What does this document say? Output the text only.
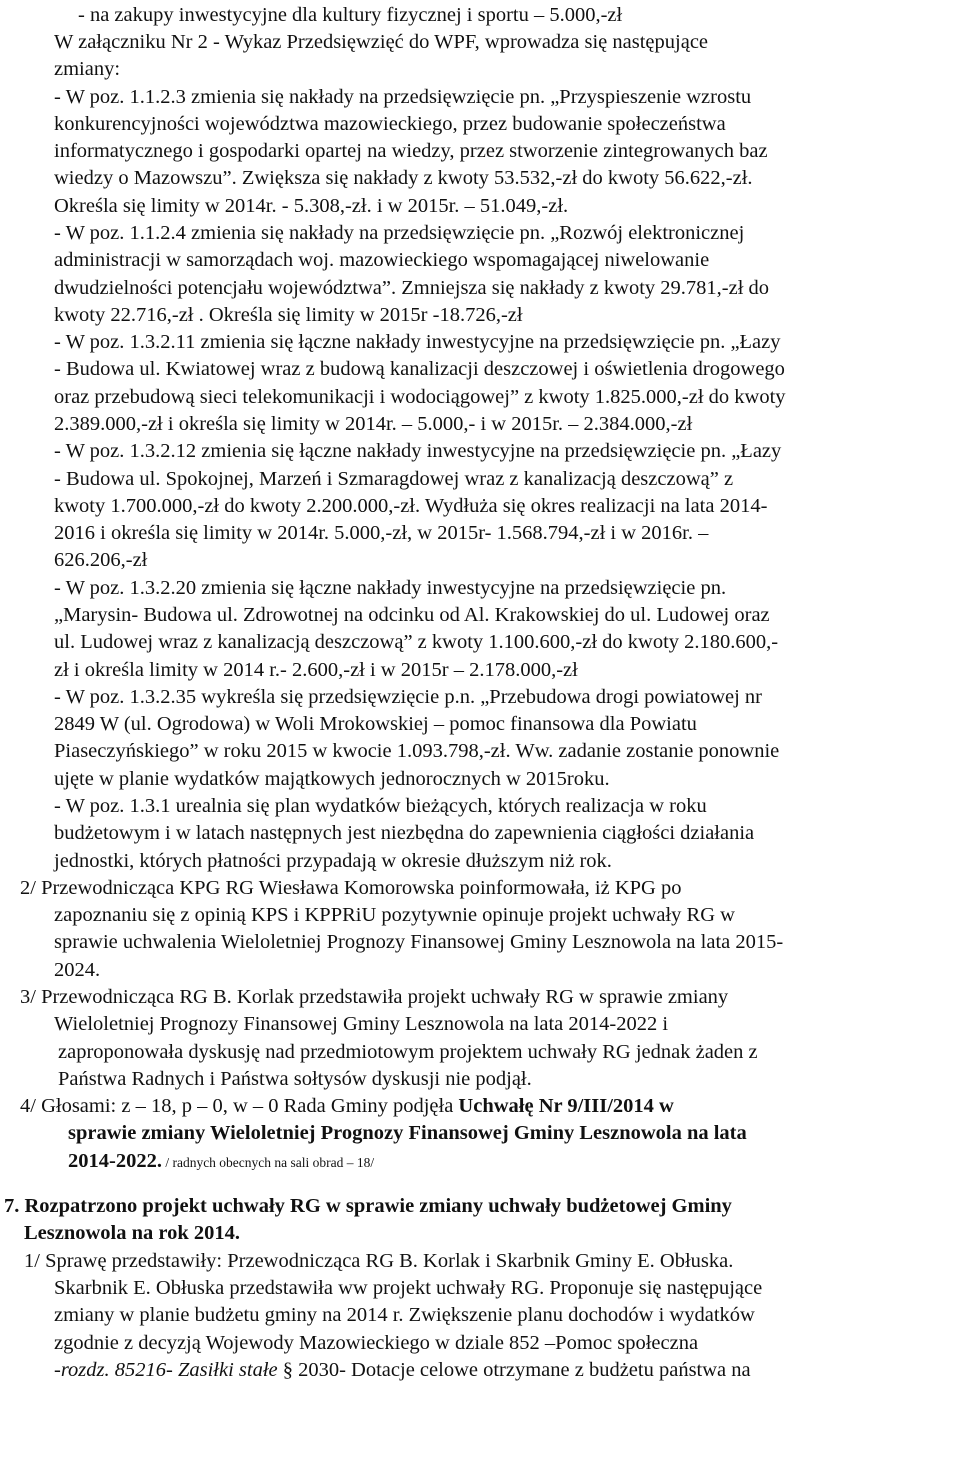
- na zakupy inwestycyjne dla kultury fizycznej i sportu – 5.000,-zł

W załączniku Nr 2 - Wykaz Przedsięwzięć do WPF, wprowadza się następujące

zmiany:

- W poz. 1.1.2.3 zmienia się nakłady na przedsięwzięcie pn. „Przyspieszenie wzrostu

konkurencyjności województwa mazowieckiego, przez budowanie społeczeństwa

informatycznego i gospodarki opartej na wiedzy, przez stworzenie zintegrowanych baz

wiedzy o Mazowszu”. Zwiększa się nakłady z kwoty 53.532,-zł do kwoty 56.622,-zł.

Określa się limity w 2014r. - 5.308,-zł. i w 2015r. – 51.049,-zł.

- W poz. 1.1.2.4 zmienia się nakłady na przedsięwzięcie pn. „Rozwój elektronicznej

administracji w samorządach woj. mazowieckiego wspomagającej niwelowanie

dwudzielności potencjału województwa”. Zmniejsza się nakłady z kwoty 29.781,-zł do

kwoty 22.716,-zł . Określa się limity w 2015r -18.726,-zł

- W poz. 1.3.2.11 zmienia się łączne nakłady inwestycyjne na przedsięwzięcie pn. „Łazy

- Budowa ul. Kwiatowej wraz z budową kanalizacji deszczowej i oświetlenia drogowego

oraz przebudową sieci telekomunikacji i wodociągowej” z kwoty 1.825.000,-zł do kwoty

2.389.000,-zł i określa się limity w 2014r. – 5.000,- i w 2015r. – 2.384.000,-zł

- W poz. 1.3.2.12 zmienia się łączne nakłady inwestycyjne na przedsięwzięcie pn. „Łazy

- Budowa ul. Spokojnej, Marzeń i Szmaragdowej wraz z kanalizacją deszczową” z

kwoty 1.700.000,-zł do kwoty 2.200.000,-zł. Wydłuża się okres realizacji na lata 2014-

2016 i określa się limity w 2014r. 5.000,-zł, w 2015r- 1.568.794,-zł i w 2016r. –

626.206,-zł

- W poz. 1.3.2.20 zmienia się łączne nakłady inwestycyjne na przedsięwzięcie pn.

„Marysin- Budowa ul. Zdrowotnej na odcinku od Al. Krakowskiej do ul. Ludowej oraz

ul. Ludowej wraz z kanalizacją deszczową” z kwoty 1.100.600,-zł do kwoty 2.180.600,-

zł i określa limity w 2014 r.- 2.600,-zł i w 2015r – 2.178.000,-zł

- W poz. 1.3.2.35 wykreśla się przedsięwzięcie p.n. „Przebudowa drogi powiatowej nr

2849 W (ul. Ogrodowa) w Woli Mrokowskiej – pomoc finansowa dla Powiatu

Piaseczyńskiego” w roku 2015 w kwocie 1.093.798,-zł. Ww. zadanie zostanie ponownie

ujęte w planie wydatków majątkowych jednorocznych w 2015roku.

- W poz. 1.3.1 urealnia się plan wydatków bieżących, których realizacja w roku

budżetowym i w latach następnych jest niezbędna do zapewnienia ciągłości działania

jednostki, których płatności przypadają w okresie dłuższym niż rok.

2/ Przewodnicząca KPG RG Wiesława Komorowska poinformowała, iż KPG po

zapoznaniu się z opinią KPS i KPPRiU pozytywnie opinuje projekt uchwały RG w

sprawie uchwalenia Wieloletniej Prognozy Finansowej Gminy Lesznowola na lata 2015-

2024.

3/ Przewodnicząca RG B. Korlak przedstawiła projekt uchwały RG w sprawie zmiany

Wieloletniej Prognozy Finansowej Gminy Lesznowola na lata 2014-2022 i

zaproponowała dyskusję nad przedmiotowym projektem uchwały RG jednak żaden z

Państwa Radnych i Państwa sołtysów dyskusji nie podjął.

4/ Głosami: z – 18, p – 0, w – 0 Rada Gminy podjęła Uchwałę Nr 9/III/2014 w

sprawie zmiany Wieloletniej Prognozy Finansowej Gminy Lesznowola na lata

2014-2022. / radnych obecnych na sali obrad – 18/

7. Rozpatrzono projekt uchwały RG w sprawie zmiany uchwały budżetowej Gminy

Lesznowola na rok 2014.

1/ Sprawę przedstawiły: Przewodnicząca RG B. Korlak i Skarbnik Gminy E. Obłuska.

Skarbnik E. Obłuska przedstawiła ww projekt uchwały RG. Proponuje się następujące

zmiany w planie budżetu gminy na 2014 r. Zwiększenie planu dochodów i wydatków

zgodnie z decyzją Wojewody Mazowieckiego w dziale 852 –Pomoc społeczna

-rozdz. 85216- Zasiłki stałe § 2030- Dotacje celowe otrzymane z budżetu państwa na
